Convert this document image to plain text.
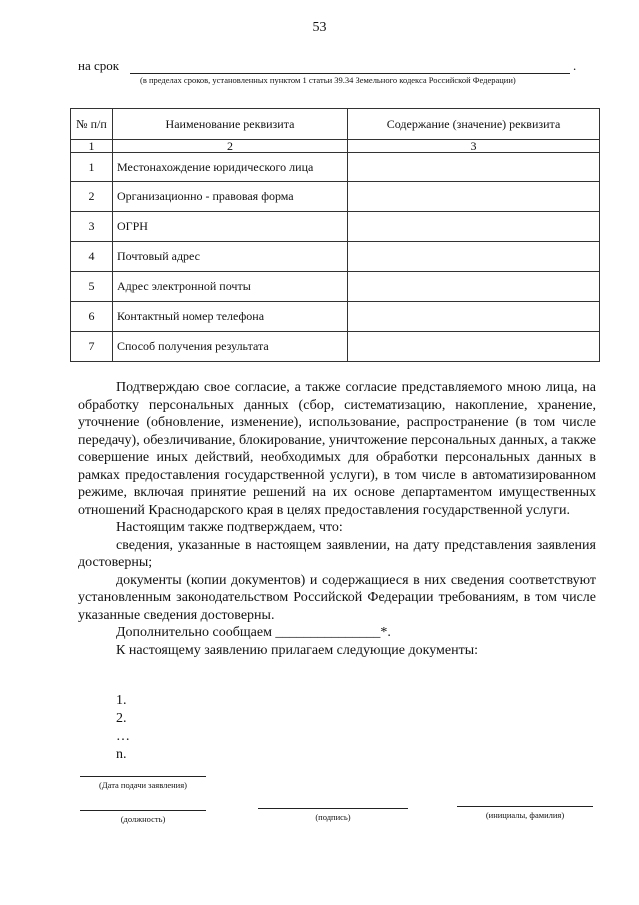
53
на срок	.
(в пределах сроков, установленных пунктом 1 статьи 39.34 Земельного кодекса Российской Федерации)
№ п/п	Наименование реквизита	Содержание (значение) реквизита
1	2	3
1	Местонахождение юридического лица	
2	Организационно - правовая форма	
3	ОГРН	
4	Почтовый адрес	
5	Адрес электронной почты	
6	Контактный номер телефона	
7	Способ получения результата	

Подтверждаю свое согласие, а также согласие представляемого мною лица, на обработку персональных данных (сбор, систематизацию, накопление, хранение, уточнение (обновление, изменение), использование, распространение (в том числе передачу), обезличивание, блокирование, уничтожение персональных данных, а также совершение иных действий, необходимых для обработки персональных данных в рамках предоставления государственной услуги), в том числе в автоматизированном режиме, включая принятие решений на их основе департаментом имущественных отношений Краснодарского края в целях предоставления государственной услуги.

Настоящим также подтверждаем, что:

сведения, указанные в настоящем заявлении, на дату представления заявления достоверны;

документы (копии документов) и содержащиеся в них сведения соответствуют установленным законодательством Российской Федерации требованиям, в том числе указанные сведения достоверны.

Дополнительно сообщаем _______________*.

К настоящему заявлению прилагаем следующие документы:

1.
2.
…
n.
(Дата подачи заявления)
(должность)	(подпись)	(инициалы, фамилия)
